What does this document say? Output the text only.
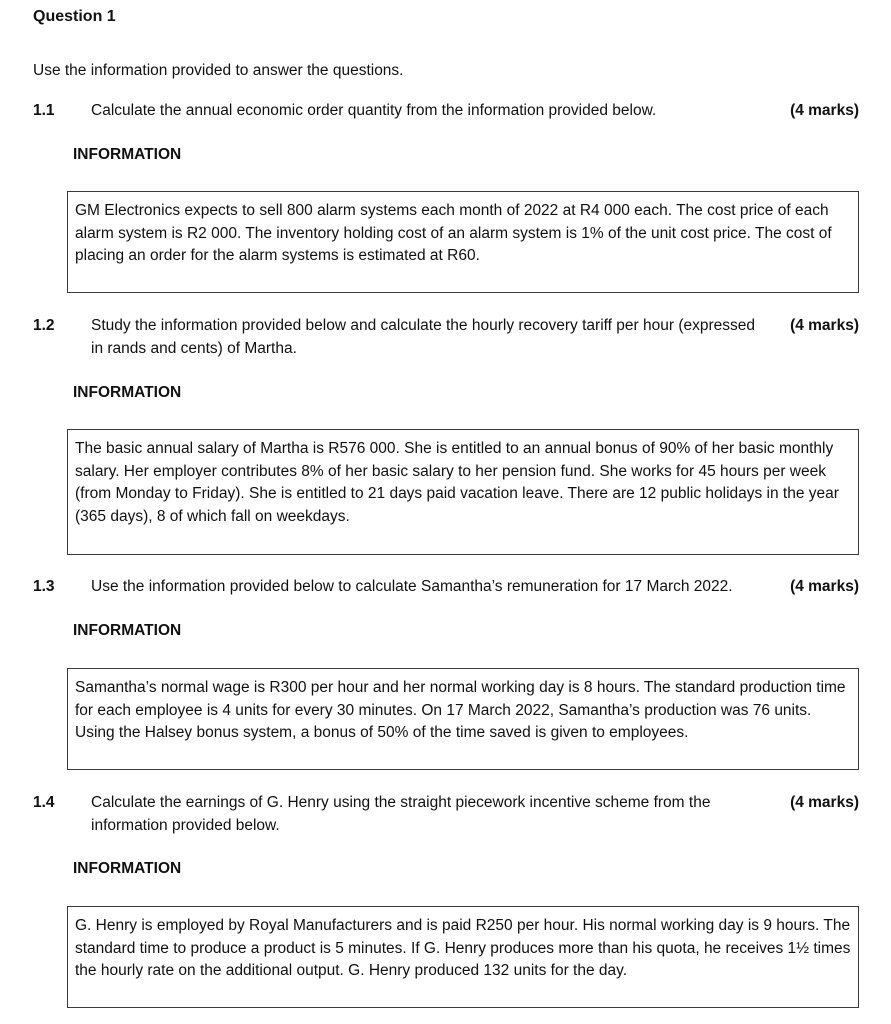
Question 1
Use the information provided to answer the questions.
1.1 Calculate the annual economic order quantity from the information provided below.	(4 marks)
INFORMATION

GM Electronics expects to sell 800 alarm systems each month of 2022 at R4 000 each. The cost price of each alarm system is R2 000. The inventory holding cost of an alarm system is 1% of the unit cost price. The cost of placing an order for the alarm systems is estimated at R60.

1.2 Study the information provided below and calculate the hourly recovery tariff per hour (expressed in rands and cents) of Martha.
(4 marks)
INFORMATION

The basic annual salary of Martha is R576 000. She is entitled to an annual bonus of 90% of her basic monthly salary. Her employer contributes 8% of her basic salary to her pension fund. She works for 45 hours per week (from Monday to Friday). She is entitled to 21 days paid vacation leave. There are 12 public holidays in the year (365 days), 8 of which fall on weekdays.

1.3 Use the information provided below to calculate Samantha’s remuneration for 17 March 2022.	(4 marks)
INFORMATION

Samantha’s normal wage is R300 per hour and her normal working day is 8 hours. The standard production time for each employee is 4 units for every 30 minutes. On 17 March 2022, Samantha’s production was 76 units. Using the Halsey bonus system, a bonus of 50% of the time saved is given to employees.

1.4 Calculate the earnings of G. Henry using the straight piecework incentive scheme from the information provided below.
(4 marks)
INFORMATION

G. Henry is employed by Royal Manufacturers and is paid R250 per hour. His normal working day is 9 hours. The standard time to produce a product is 5 minutes. If G. Henry produces more than his quota, he receives 1½ times the hourly rate on the additional output. G. Henry produced 132 units for the day.
